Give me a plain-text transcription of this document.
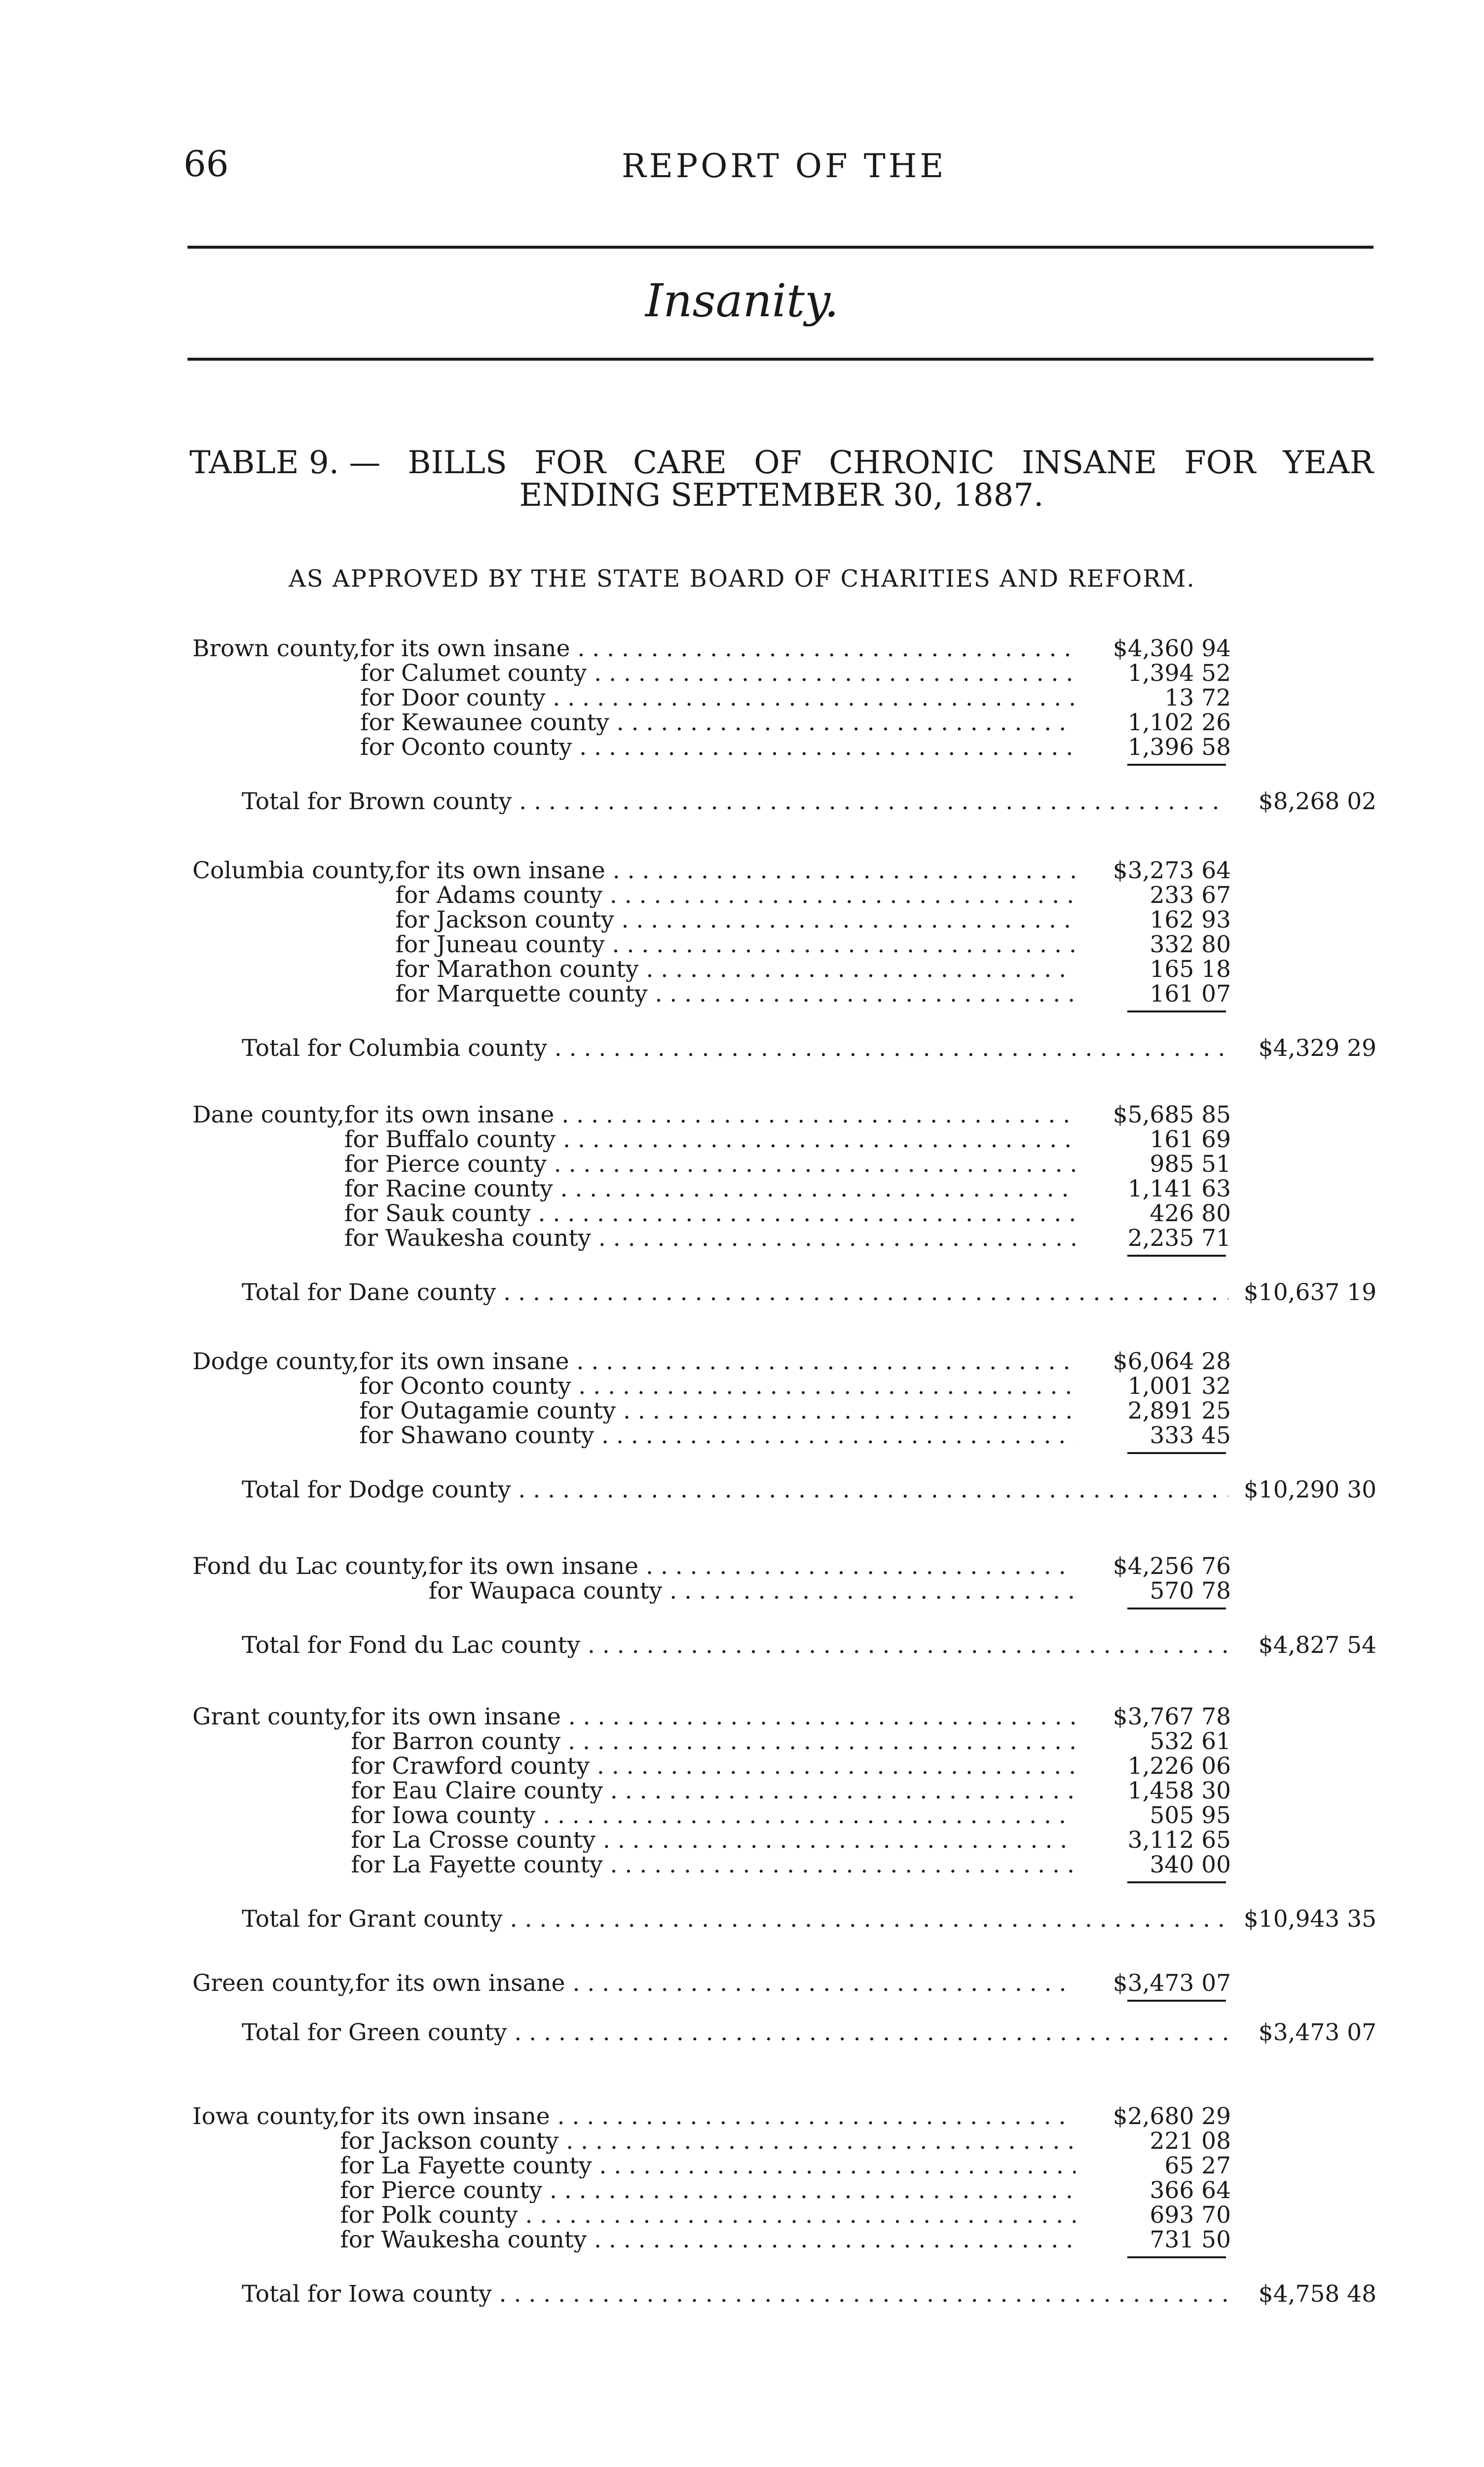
66	REPORT OF THE
Insanity.
TABLE 9. — BILLS FOR CARE OF CHRONIC INSANE FOR YEAR
ENDING SEPTEMBER 30, 1887.
AS APPROVED BY THE STATE BOARD OF CHARITIES AND REFORM.
Brown county, for its own insane . . .	$4,360 94
for Calumet county . . .	1,394 52
for Door county . . .	13 72
for Kewaunee county . . .	1,102 26
for Oconto county . . .	1,396 58
Total for Brown county . . .	$8,268 02
Columbia county, for its own insane . . .	$3,273 64
for Adams county . . .	233 67
for Jackson county . . .	162 93
for Juneau county . . .	332 80
for Marathon county . . .	165 18
for Marquette county . . .	161 07
Total for Columbia county . . .	$4,329 29
Dane county, for its own insane . . .	$5,685 85
for Buffalo county . . .	161 69
for Pierce county . . .	985 51
for Racine county . . .	1,141 63
for Sauk county . . .	426 80
for Waukesha county . . .	2,235 71
Total for Dane county . . .	$10,637 19
Dodge county, for its own insane . . .	$6,064 28
for Oconto county . . .	1,001 32
for Outagamie county . . .	2,891 25
for Shawano county . . .	333 45
Total for Dodge county . . .	$10,290 30
Fond du Lac county, for its own insane . . .	$4,256 76
for Waupaca county . . .	570 78
Total for Fond du Lac county . . .	$4,827 54
Grant county, for its own insane . . .	$3,767 78
for Barron county . . .	532 61
for Crawford county . . .	1,226 06
for Eau Claire county . . .	1,458 30
for Iowa county . . .	505 95
for La Crosse county . . .	3,112 65
for La Fayette county . . .	340 00
Total for Grant county . . .	$10,943 35
Green county, for its own insane . . .	$3,473 07
Total for Green county . . .	$3,473 07
Iowa county, for its own insane . . .	$2,680 29
for Jackson county . . .	221 08
for La Fayette county . . .	65 27
for Pierce county . . .	366 64
for Polk county . . .	693 70
for Waukesha county . . .	731 50
Total for Iowa county . . .	$4,758 48
